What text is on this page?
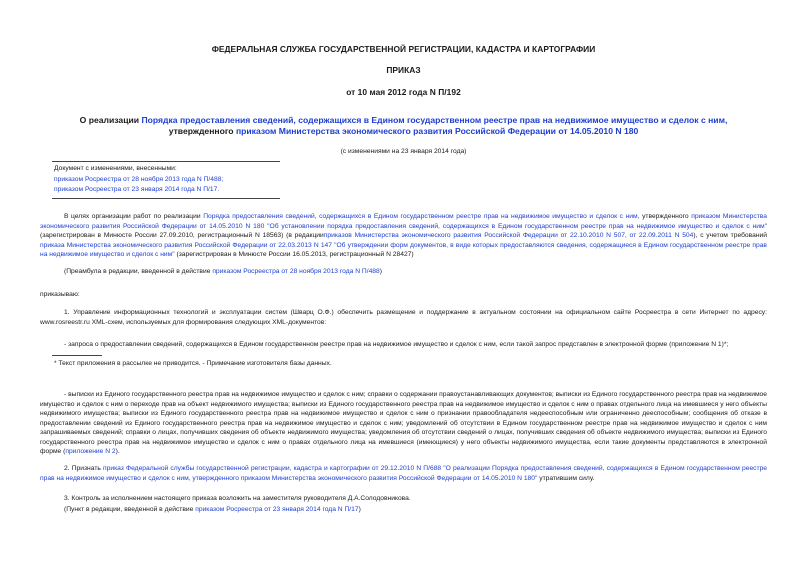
ФЕДЕРАЛЬНАЯ СЛУЖБА ГОСУДАРСТВЕННОЙ РЕГИСТРАЦИИ, КАДАСТРА И КАРТОГРАФИИ
ПРИКАЗ
от 10 мая 2012 года N П/192
О реализации Порядка предоставления сведений, содержащихся в Едином государственном реестре прав на недвижимое имущество и сделок с ним,
утвержденного приказом Министерства экономического развития Российской Федерации от 14.05.2010 N 180
(с изменениями на 23 января 2014 года)
Документ с изменениями, внесенными:
приказом Росреестра от 28 ноября 2013 года N П/488;
приказом Росреестра от 23 января 2014 года N П/17.
В целях организации работ по реализации Порядка предоставления сведений, содержащихся в Едином государственном реестре прав на недвижимое имущество и сделок с ним, утвержденного приказом Министерства экономического развития Российской Федерации от 14.05.2010 N 180 "Об установлении порядка предоставления сведений, содержащихся в Едином государственном реестре прав на недвижимое имущество и сделок с ним" (зарегистрирован в Минюсте России 27.09.2010, регистрационный N 18563) (в редакцииприказов Министерства экономического развития Российской Федерации от 22.10.2010 N 507, от 22.09.2011 N 504), с учетом требований приказа Министерства экономического развития Российской Федерации от 22.03.2013 N 147 "Об утверждении форм документов, в виде которых предоставляются сведения, содержащиеся в Едином государственном реестре прав на недвижимое имущество и сделок с ним" (зарегистрирован в Минюсте России 16.05.2013, регистрационный N 28427)
(Преамбула в редакции, введенной в действие приказом Росреестра от 28 ноября 2013 года N П/488)
приказываю:
1. Управление информационных технологий и эксплуатации систем (Шварц О.Ф.) обеспечить размещение и поддержание в актуальном состоянии на официальном сайте Росреестра в сети Интернет по адресу: www.rosreestr.ru XML-схем, используемых для формирования следующих XML-документов:
- запроса о предоставлении сведений, содержащихся в Едином государственном реестре прав на недвижимое имущество и сделок с ним, если такой запрос представлен в электронной форме (приложение N 1)*;
* Текст приложения в рассылке не приводится. - Примечание изготовителя базы данных.
- выписки из Единого государственного реестра прав на недвижимое имущество и сделок с ним; справки о содержании правоустанавливающих документов; выписки из Единого государственного реестра прав на недвижимое имущество и сделок с ним о переходе прав на объект недвижимого имущества; выписки из Единого государственного реестра прав на недвижимое имущество и сделок с ним о правах отдельного лица на имевшиеся у него объекты недвижимого имущества; выписки из Единого государственного реестра прав на недвижимое имущество и сделок с ним о признании правообладателя недееспособным или ограниченно дееспособным; сообщения об отказе в предоставлении сведений из Единого государственного реестра прав на недвижимое имущество и сделок с ним; уведомлений об отсутствии в Едином государственном реестре прав на недвижимое имущество и сделок с ним запрашиваемых сведений; справки о лицах, получивших сведения об объекте недвижимого имущества; уведомления об отсутствии сведений о лицах, получивших сведения об объекте недвижимого имущества; выписки из Единого государственного реестра прав на недвижимое имущество и сделок с ним о правах отдельного лица на имевшиеся (имеющиеся) у него объекты недвижимого имущества, если такие документы представляются в электронной форме (приложение N 2).
2. Признать приказ Федеральной службы государственной регистрации, кадастра и картографии от 29.12.2010 N П/688 "О реализации Порядка предоставления сведений, содержащихся в Едином государственном реестре прав на недвижимое имущество и сделок с ним, утвержденного приказом Министерства экономического развития Российской Федерации от 14.05.2010 N 180" утратившим силу.
3. Контроль за исполнением настоящего приказа возложить на заместителя руководителя Д.А.Солодовникова.
(Пункт в редакции, введенной в действие приказом Росреестра от 23 января 2014 года N П/17)
